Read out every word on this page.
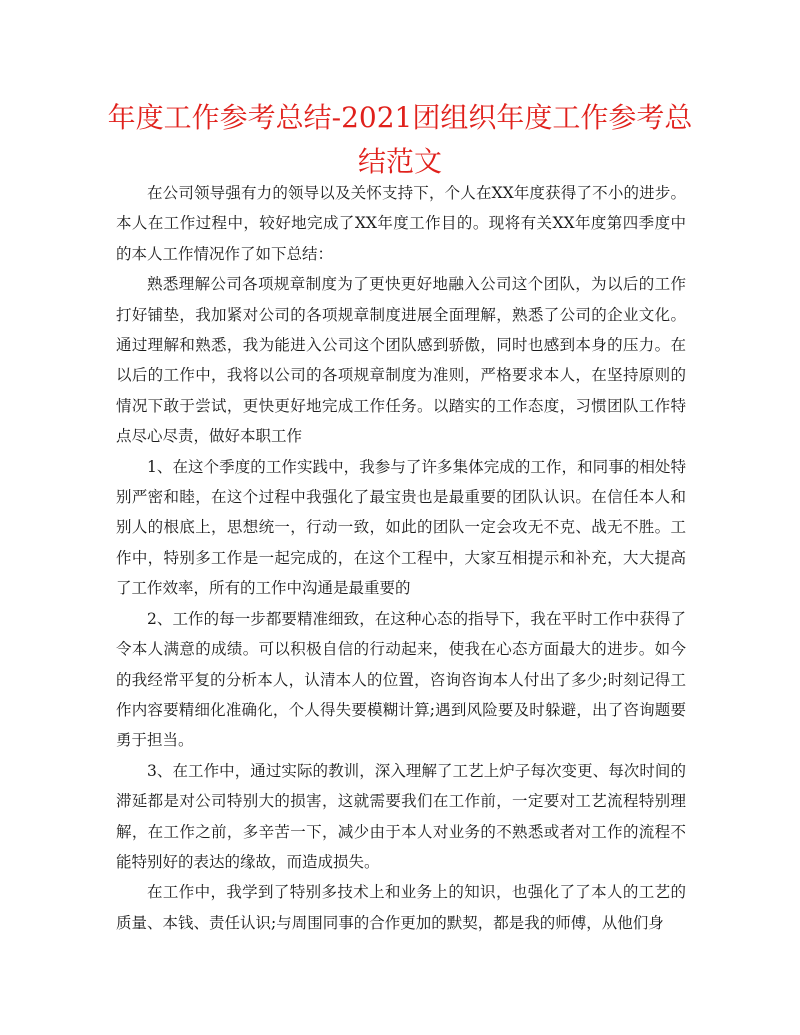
年度工作参考总结-2021团组织年度工作参考总结范文

在公司领导强有力的领导以及关怀支持下，个人在XX年度获得了不小的进步。本人在工作过程中，较好地完成了XX年度工作目的。现将有关XX年度第四季度中的本人工作情况作了如下总结：

熟悉理解公司各项规章制度为了更快更好地融入公司这个团队，为以后的工作打好铺垫，我加紧对公司的各项规章制度进展全面理解，熟悉了公司的企业文化。通过理解和熟悉，我为能进入公司这个团队感到骄傲，同时也感到本身的压力。在以后的工作中，我将以公司的各项规章制度为准则，严格要求本人，在坚持原则的情况下敢于尝试，更快更好地完成工作任务。以踏实的工作态度，习惯团队工作特点尽心尽责，做好本职工作

1、在这个季度的工作实践中，我参与了许多集体完成的工作，和同事的相处特别严密和睦，在这个过程中我强化了最宝贵也是最重要的团队认识。在信任本人和别人的根底上，思想统一，行动一致，如此的团队一定会攻无不克、战无不胜。工作中，特别多工作是一起完成的，在这个工程中，大家互相提示和补充，大大提高了工作效率，所有的工作中沟通是最重要的

2、工作的每一步都要精准细致，在这种心态的指导下，我在平时工作中获得了令本人满意的成绩。可以积极自信的行动起来，使我在心态方面最大的进步。如今的我经常平复的分析本人，认清本人的位置，咨询咨询本人付出了多少;时刻记得工作内容要精细化准确化，个人得失要模糊计算;遇到风险要及时躲避，出了咨询题要勇于担当。

3、在工作中，通过实际的教训，深入理解了工艺上炉子每次变更、每次时间的滞延都是对公司特别大的损害，这就需要我们在工作前，一定要对工艺流程特别理解，在工作之前，多辛苦一下，减少由于本人对业务的不熟悉或者对工作的流程不能特别好的表达的缘故，而造成损失。

在工作中，我学到了特别多技术上和业务上的知识，也强化了了本人的工艺的质量、本钱、责任认识;与周围同事的合作更加的默契，都是我的师傅，从他们身
